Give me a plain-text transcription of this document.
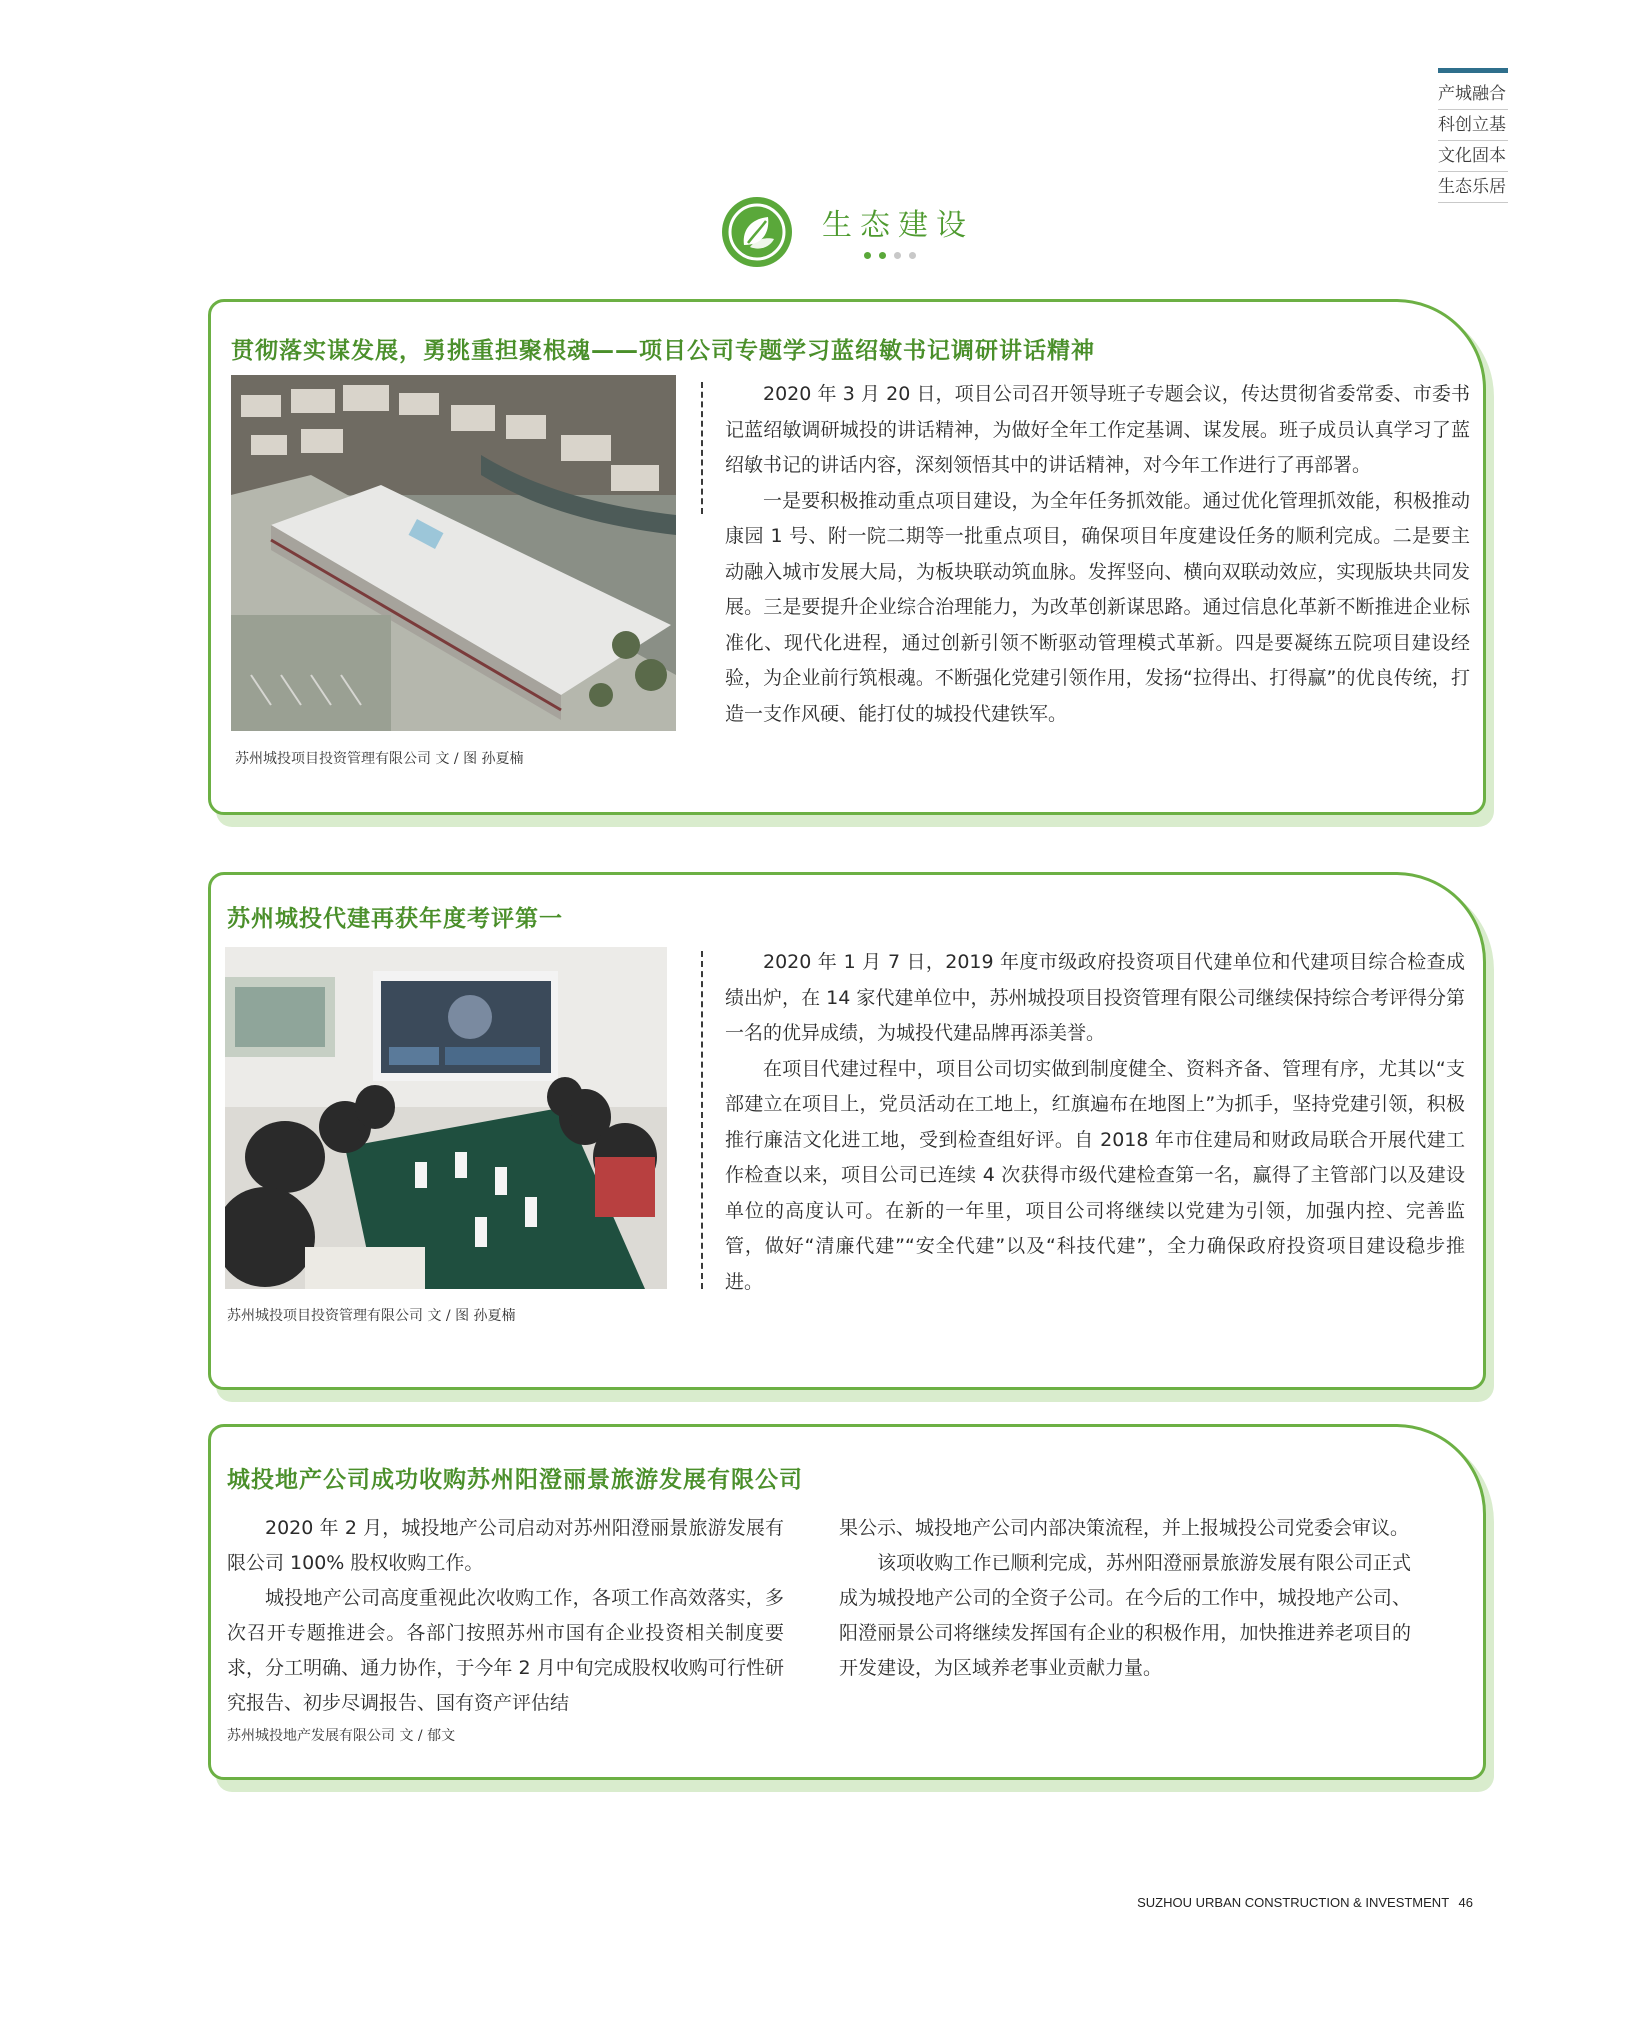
产城融合
科创立基
文化固本
生态乐居
生态建设
贯彻落实谋发展，勇挑重担聚根魂——项目公司专题学习蓝绍敏书记调研讲话精神
苏州城投项目投资管理有限公司 文 / 图 孙夏楠

2020 年 3 月 20 日，项目公司召开领导班子专题会议，传达贯彻省委常委、市委书记蓝绍敏调研城投的讲话精神，为做好全年工作定基调、谋发展。班子成员认真学习了蓝绍敏书记的讲话内容，深刻领悟其中的讲话精神，对今年工作进行了再部署。

一是要积极推动重点项目建设，为全年任务抓效能。通过优化管理抓效能，积极推动康园 1 号、附一院二期等一批重点项目，确保项目年度建设任务的顺利完成。二是要主动融入城市发展大局，为板块联动筑血脉。发挥竖向、横向双联动效应，实现版块共同发展。三是要提升企业综合治理能力，为改革创新谋思路。通过信息化革新不断推进企业标准化、现代化进程，通过创新引领不断驱动管理模式革新。四是要凝练五院项目建设经验，为企业前行筑根魂。不断强化党建引领作用，发扬“拉得出、打得赢”的优良传统，打造一支作风硬、能打仗的城投代建铁军。

苏州城投代建再获年度考评第一
苏州城投项目投资管理有限公司 文 / 图 孙夏楠

2020 年 1 月 7 日，2019 年度市级政府投资项目代建单位和代建项目综合检查成绩出炉，在 14 家代建单位中，苏州城投项目投资管理有限公司继续保持综合考评得分第一名的优异成绩，为城投代建品牌再添美誉。

在项目代建过程中，项目公司切实做到制度健全、资料齐备、管理有序，尤其以“支部建立在项目上，党员活动在工地上，红旗遍布在地图上”为抓手，坚持党建引领，积极推行廉洁文化进工地，受到检查组好评。自 2018 年市住建局和财政局联合开展代建工作检查以来，项目公司已连续 4 次获得市级代建检查第一名，赢得了主管部门以及建设单位的高度认可。在新的一年里，项目公司将继续以党建为引领，加强内控、完善监管，做好“清廉代建”“安全代建”以及“科技代建”，全力确保政府投资项目建设稳步推进。

城投地产公司成功收购苏州阳澄丽景旅游发展有限公司

2020 年 2 月，城投地产公司启动对苏州阳澄丽景旅游发展有限公司 100% 股权收购工作。

城投地产公司高度重视此次收购工作，各项工作高效落实，多次召开专题推进会。各部门按照苏州市国有企业投资相关制度要求，分工明确、通力协作，于今年 2 月中旬完成股权收购可行性研究报告、初步尽调报告、国有资产评估结

苏州城投地产发展有限公司 文 / 郁文

果公示、城投地产公司内部决策流程，并上报城投公司党委会审议。

该项收购工作已顺利完成，苏州阳澄丽景旅游发展有限公司正式成为城投地产公司的全资子公司。在今后的工作中，城投地产公司、阳澄丽景公司将继续发挥国有企业的积极作用，加快推进养老项目的开发建设，为区域养老事业贡献力量。

SUZHOU URBAN CONSTRUCTION & INVESTMENT 46
